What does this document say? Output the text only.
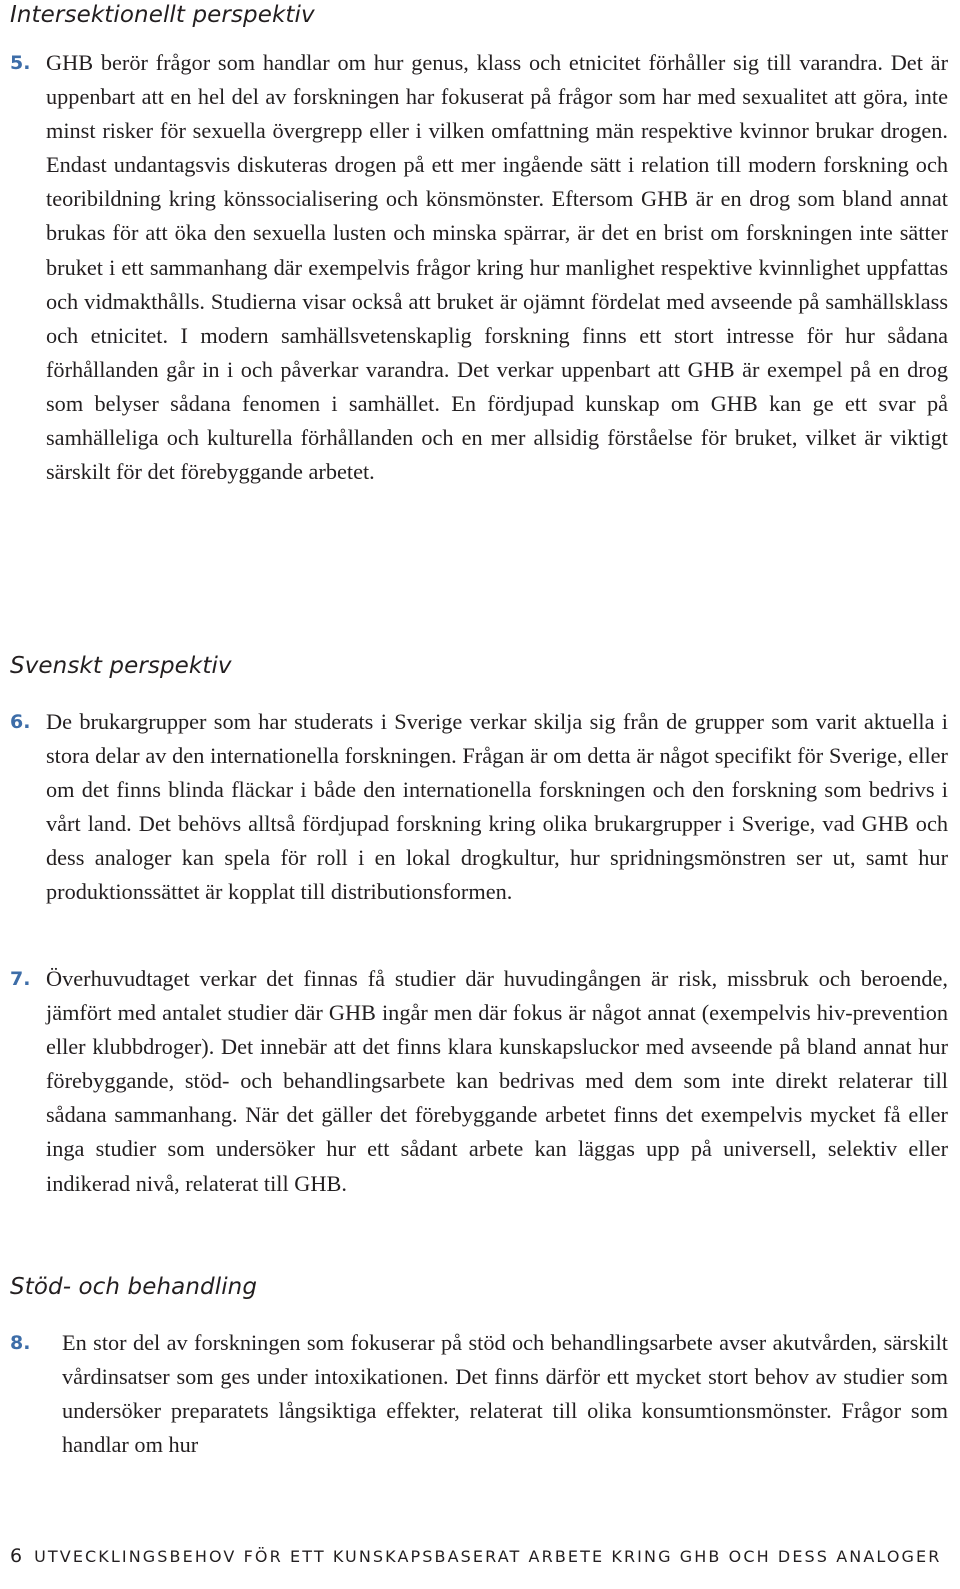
Intersektionellt perspektiv
5. GHB berör frågor som handlar om hur genus, klass och etnicitet förhåller sig till varandra. Det är uppenbart att en hel del av forskningen har fokuserat på frågor som har med sexualitet att göra, inte minst risker för sexuella övergrepp eller i vilken omfattning män respektive kvinnor brukar drogen. Endast undantagsvis diskuteras drogen på ett mer ingående sätt i relation till modern forskning och teoribildning kring könssocialisering och könsmönster. Eftersom GHB är en drog som bland annat brukas för att öka den sexuella lusten och minska spärrar, är det en brist om forskningen inte sätter bruket i ett sammanhang där exempelvis frågor kring hur manlighet respektive kvinnlighet uppfattas och vidmakthålls. Studierna visar också att bruket är ojämnt fördelat med avseende på samhällsklass och etnicitet. I modern samhällsvetenskaplig forskning finns ett stort intresse för hur sådana förhållanden går in i och påverkar varandra. Det verkar uppenbart att GHB är exempel på en drog som belyser sådana fenomen i samhället. En fördjupad kunskap om GHB kan ge ett svar på samhälleliga och kulturella förhållanden och en mer allsidig förståelse för bruket, vilket är viktigt särskilt för det förebyggande arbetet.

Svenskt perspektiv
6. De brukargrupper som har studerats i Sverige verkar skilja sig från de grupper som varit aktuella i stora delar av den internationella forskningen. Frågan är om detta är något specifikt för Sverige, eller om det finns blinda fläckar i både den internationella forskningen och den forskning som bedrivs i vårt land. Det behövs alltså fördjupad forskning kring olika brukargrupper i Sverige, vad GHB och dess analoger kan spela för roll i en lokal drogkultur, hur spridningsmönstren ser ut, samt hur produktionssättet är kopplat till distributionsformen.

7. Överhuvudtaget verkar det finnas få studier där huvudingången är risk, missbruk och beroende, jämfört med antalet studier där GHB ingår men där fokus är något annat (exempelvis hiv-prevention eller klubbdroger). Det innebär att det finns klara kunskapsluckor med avseende på bland annat hur förebyggande, stöd- och behandlingsarbete kan bedrivas med dem som inte direkt relaterar till sådana sammanhang. När det gäller det förebyggande arbetet finns det exempelvis mycket få eller inga studier som undersöker hur ett sådant arbete kan läggas upp på universell, selektiv eller indikerad nivå, relaterat till GHB.

Stöd- och behandling
8.	En stor del av forskningen som fokuserar på stöd och behandlingsarbete avser akutvården, särskilt vårdinsatser som ges under intoxikationen. Det finns därför ett mycket stort behov av studier som undersöker preparatets långsiktiga effekter, relaterat till olika konsumtionsmönster. Frågor som handlar om hur

6 UTVECKLINGSBEHOV FÖR ETT KUNSKAPSBASERAT ARBETE KRING GHB OCH DESS ANALOGER
